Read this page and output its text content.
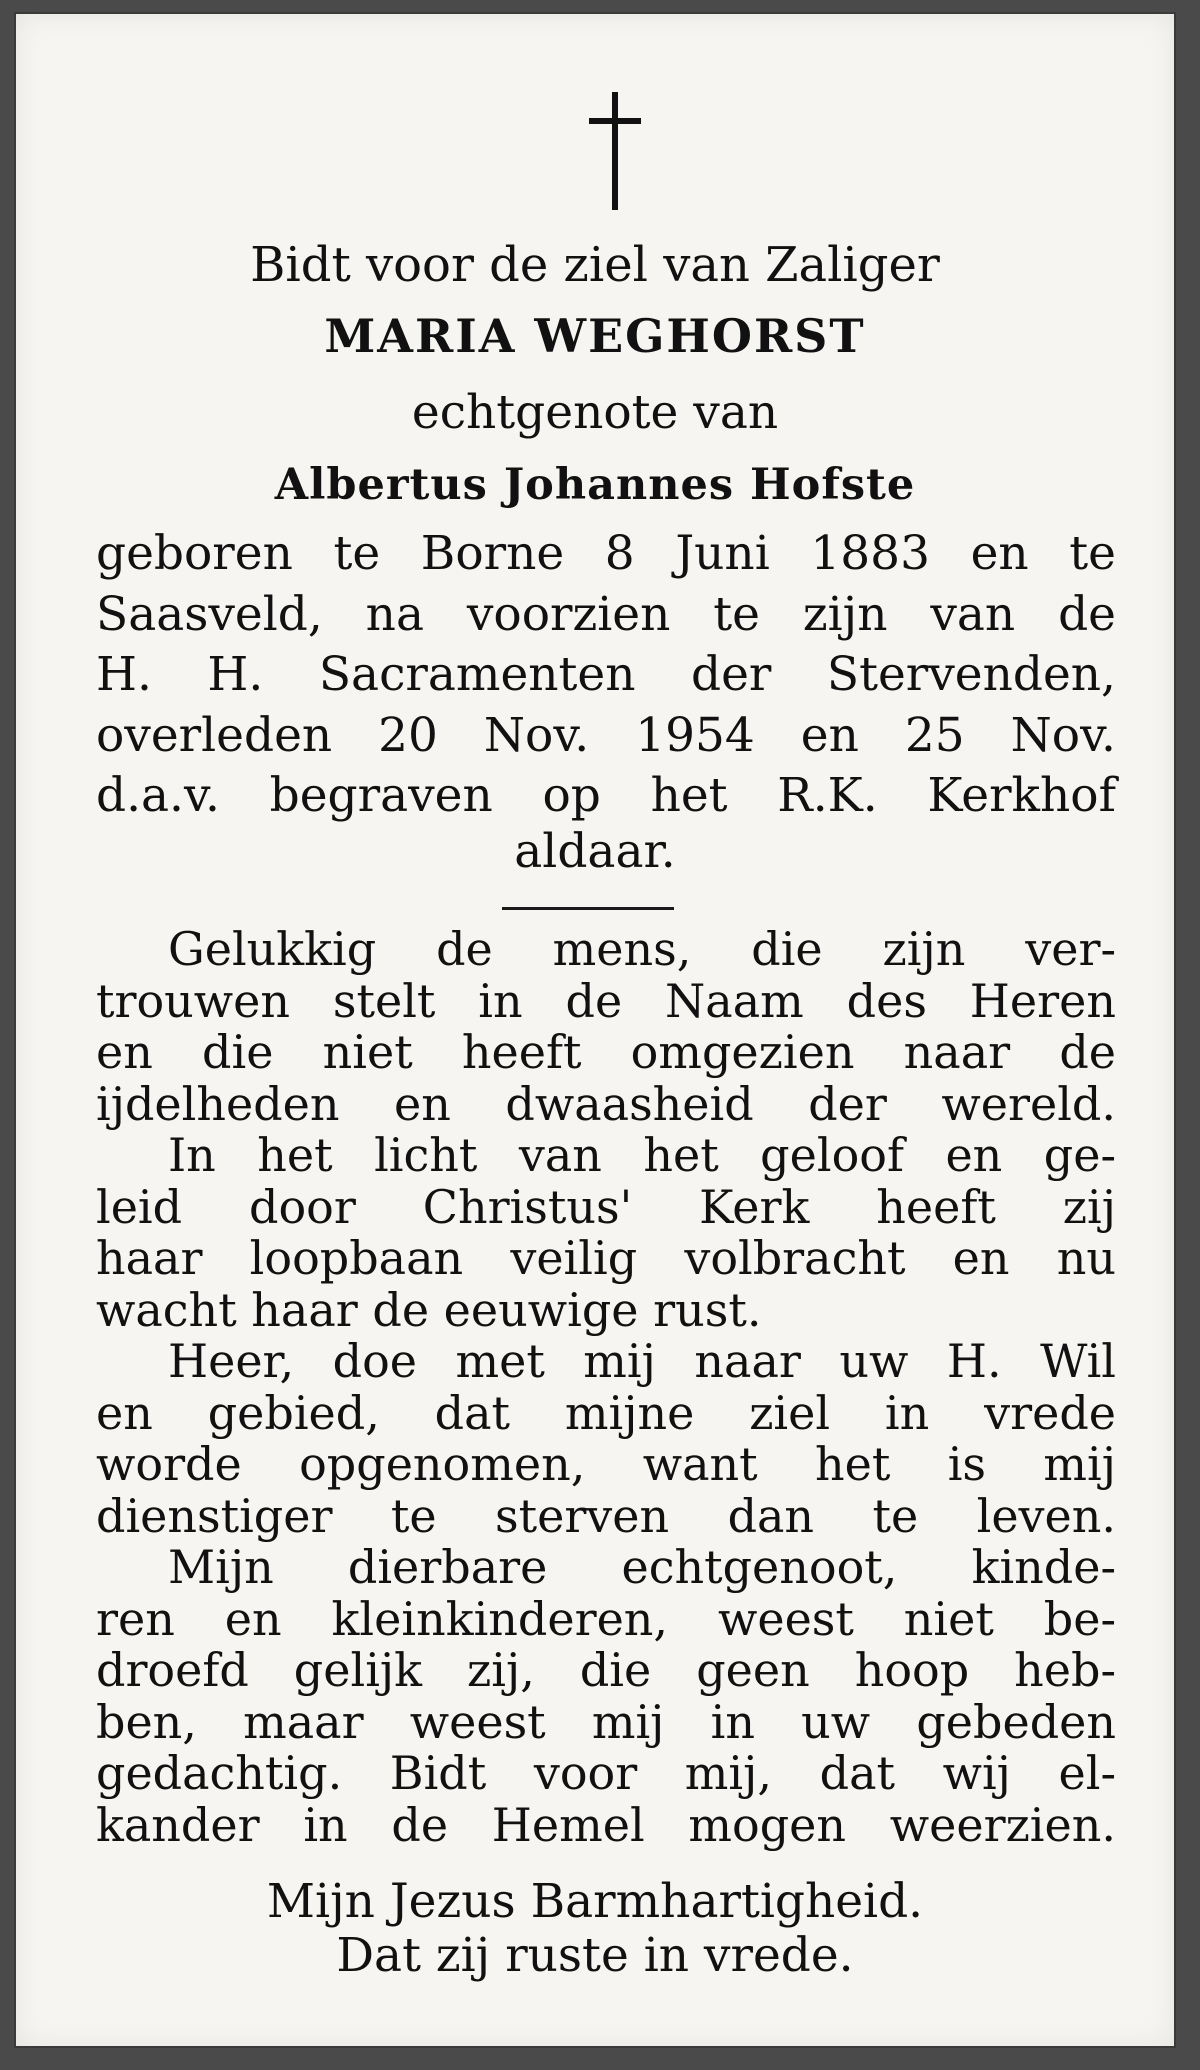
Bidt voor de ziel van Zaliger
MARIA WEGHORST
echtgenote van
Albertus Johannes Hofste
geboren te Borne 8 Juni 1883 en te
Saasveld, na voorzien te zijn van de
H. H. Sacramenten der Stervenden,
overleden 20 Nov. 1954 en 25 Nov.
d.a.v. begraven op het R.K. Kerkhof
aldaar.
Gelukkig de mens, die zijn ver-
trouwen stelt in de Naam des Heren
en die niet heeft omgezien naar de
ijdelheden en dwaasheid der wereld.
In het licht van het geloof en ge-
leid door Christus' Kerk heeft zij
haar loopbaan veilig volbracht en nu
wacht haar de eeuwige rust.
Heer, doe met mij naar uw H. Wil
en gebied, dat mijne ziel in vrede
worde opgenomen, want het is mij
dienstiger te sterven dan te leven.
Mijn dierbare echtgenoot, kinde-
ren en kleinkinderen, weest niet be-
droefd gelijk zij, die geen hoop heb-
ben, maar weest mij in uw gebeden
gedachtig. Bidt voor mij, dat wij el-
kander in de Hemel mogen weerzien.
Mijn Jezus Barmhartigheid.
Dat zij ruste in vrede.
